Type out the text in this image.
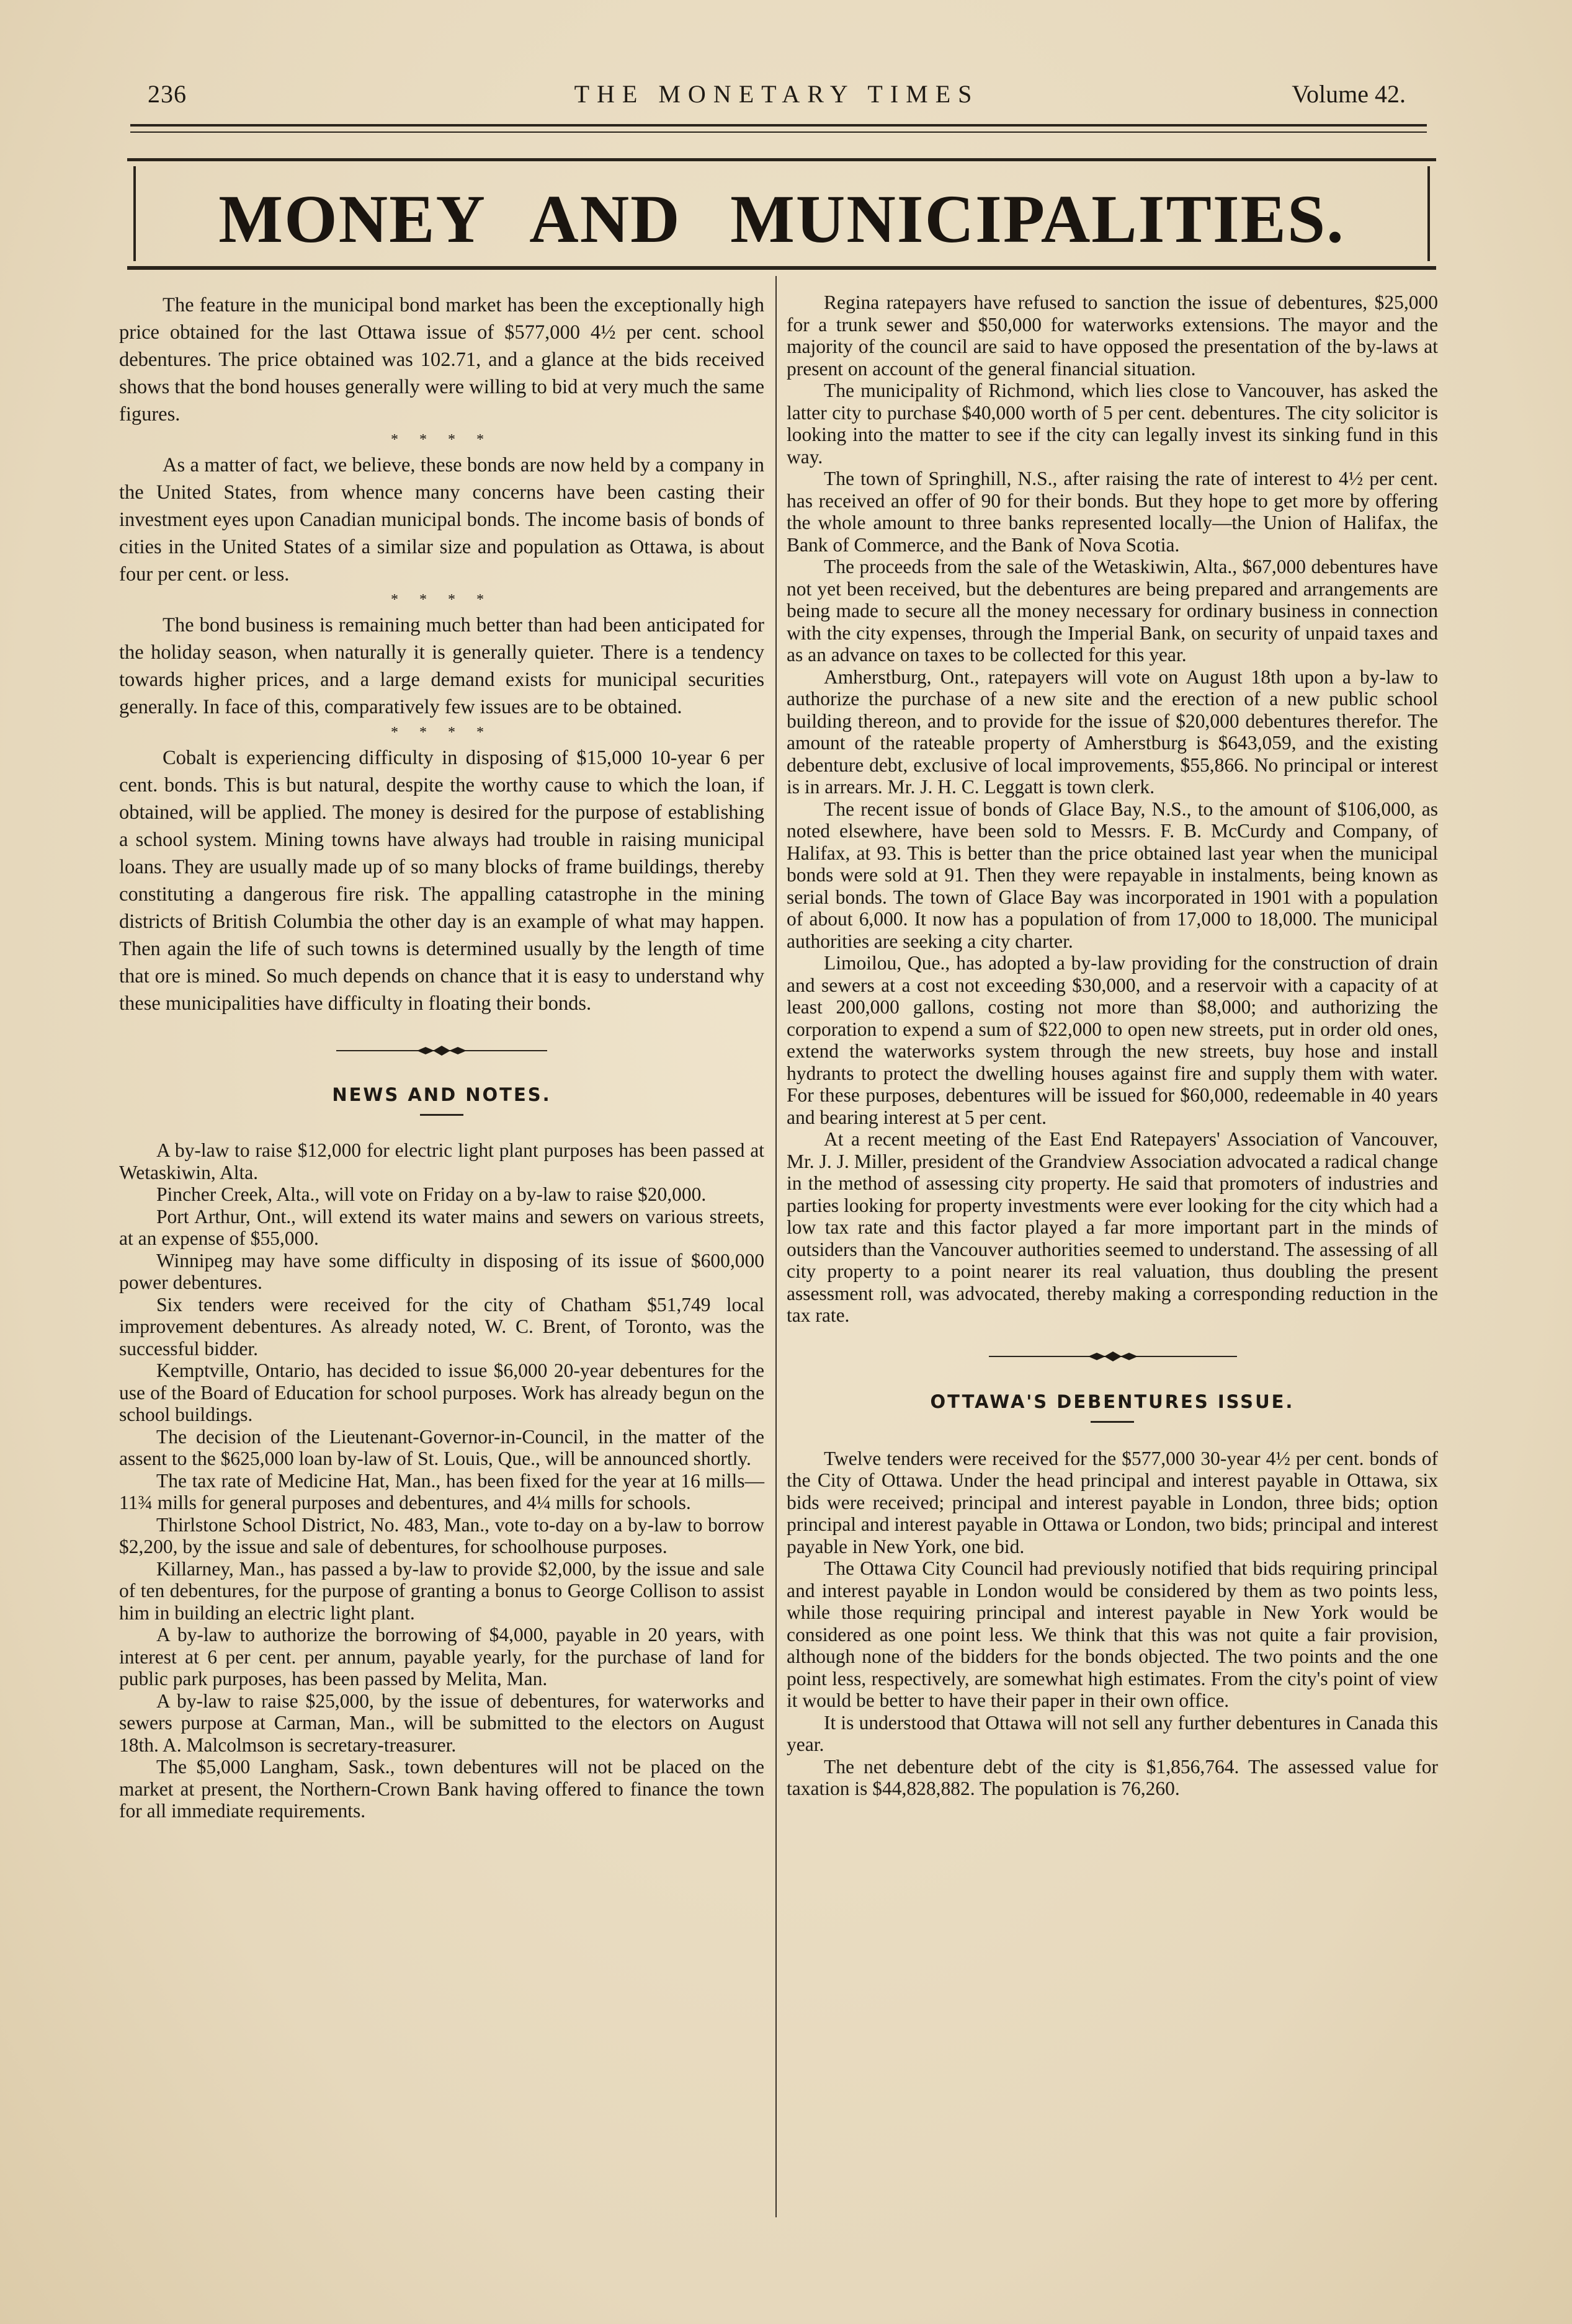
236	THE MONETARY TIMES	Volume 42.
MONEY AND MUNICIPALITIES.

The feature in the municipal bond market has been the exceptionally high price obtained for the last Ottawa issue of $577,000 4½ per cent. school debentures. The price obtained was 102.71, and a glance at the bids received shows that the bond houses generally were willing to bid at very much the same figures.

* * * *

As a matter of fact, we believe, these bonds are now held by a company in the United States, from whence many concerns have been casting their investment eyes upon Canadian municipal bonds. The income basis of bonds of cities in the United States of a similar size and population as Ottawa, is about four per cent. or less.

* * * *

The bond business is remaining much better than had been anticipated for the holiday season, when naturally it is generally quieter. There is a tendency towards higher prices, and a large demand exists for municipal securities generally. In face of this, comparatively few issues are to be obtained.

* * * *

Cobalt is experiencing difficulty in disposing of $15,000 10-year 6 per cent. bonds. This is but natural, despite the worthy cause to which the loan, if obtained, will be applied. The money is desired for the purpose of establishing a school system. Mining towns have always had trouble in raising municipal loans. They are usually made up of so many blocks of frame buildings, thereby constituting a dangerous fire risk. The appalling catastrophe in the mining districts of British Columbia the other day is an example of what may happen. Then again the life of such towns is determined usually by the length of time that ore is mined. So much depends on chance that it is easy to understand why these municipalities have difficulty in floating their bonds.

NEWS AND NOTES.

A by-law to raise $12,000 for electric light plant purposes has been passed at Wetaskiwin, Alta.

Pincher Creek, Alta., will vote on Friday on a by-law to raise $20,000.

Port Arthur, Ont., will extend its water mains and sewers on various streets, at an expense of $55,000.

Winnipeg may have some difficulty in disposing of its issue of $600,000 power debentures.

Six tenders were received for the city of Chatham $51,749 local improvement debentures. As already noted, W. C. Brent, of Toronto, was the successful bidder.

Kemptville, Ontario, has decided to issue $6,000 20-year debentures for the use of the Board of Education for school purposes. Work has already begun on the school buildings.

The decision of the Lieutenant-Governor-in-Council, in the matter of the assent to the $625,000 loan by-law of St. Louis, Que., will be announced shortly.

The tax rate of Medicine Hat, Man., has been fixed for the year at 16 mills—11¾ mills for general purposes and debentures, and 4¼ mills for schools.

Thirlstone School District, No. 483, Man., vote to-day on a by-law to borrow $2,200, by the issue and sale of debentures, for schoolhouse purposes.

Killarney, Man., has passed a by-law to provide $2,000, by the issue and sale of ten debentures, for the purpose of granting a bonus to George Collison to assist him in building an electric light plant.

A by-law to authorize the borrowing of $4,000, payable in 20 years, with interest at 6 per cent. per annum, payable yearly, for the purchase of land for public park purposes, has been passed by Melita, Man.

A by-law to raise $25,000, by the issue of debentures, for waterworks and sewers purpose at Carman, Man., will be submitted to the electors on August 18th. A. Malcolmson is secretary-treasurer.

The $5,000 Langham, Sask., town debentures will not be placed on the market at present, the Northern-Crown Bank having offered to finance the town for all immediate requirements.

Regina ratepayers have refused to sanction the issue of debentures, $25,000 for a trunk sewer and $50,000 for waterworks extensions. The mayor and the majority of the council are said to have opposed the presentation of the by-laws at present on account of the general financial situation.

The municipality of Richmond, which lies close to Vancouver, has asked the latter city to purchase $40,000 worth of 5 per cent. debentures. The city solicitor is looking into the matter to see if the city can legally invest its sinking fund in this way.

The town of Springhill, N.S., after raising the rate of interest to 4½ per cent. has received an offer of 90 for their bonds. But they hope to get more by offering the whole amount to three banks represented locally—the Union of Halifax, the Bank of Commerce, and the Bank of Nova Scotia.

The proceeds from the sale of the Wetaskiwin, Alta., $67,000 debentures have not yet been received, but the debentures are being prepared and arrangements are being made to secure all the money necessary for ordinary business in connection with the city expenses, through the Imperial Bank, on security of unpaid taxes and as an advance on taxes to be collected for this year.

Amherstburg, Ont., ratepayers will vote on August 18th upon a by-law to authorize the purchase of a new site and the erection of a new public school building thereon, and to provide for the issue of $20,000 debentures therefor. The amount of the rateable property of Amherstburg is $643,059, and the existing debenture debt, exclusive of local improvements, $55,866. No principal or interest is in arrears. Mr. J. H. C. Leggatt is town clerk.

The recent issue of bonds of Glace Bay, N.S., to the amount of $106,000, as noted elsewhere, have been sold to Messrs. F. B. McCurdy and Company, of Halifax, at 93. This is better than the price obtained last year when the municipal bonds were sold at 91. Then they were repayable in instalments, being known as serial bonds. The town of Glace Bay was incorporated in 1901 with a population of about 6,000. It now has a population of from 17,000 to 18,000. The municipal authorities are seeking a city charter.

Limoilou, Que., has adopted a by-law providing for the construction of drain and sewers at a cost not exceeding $30,000, and a reservoir with a capacity of at least 200,000 gallons, costing not more than $8,000; and authorizing the corporation to expend a sum of $22,000 to open new streets, put in order old ones, extend the waterworks system through the new streets, buy hose and install hydrants to protect the dwelling houses against fire and supply them with water. For these purposes, debentures will be issued for $60,000, redeemable in 40 years and bearing interest at 5 per cent.

At a recent meeting of the East End Ratepayers' Association of Vancouver, Mr. J. J. Miller, president of the Grandview Association advocated a radical change in the method of assessing city property. He said that promoters of industries and parties looking for property investments were ever looking for the city which had a low tax rate and this factor played a far more important part in the minds of outsiders than the Vancouver authorities seemed to understand. The assessing of all city property to a point nearer its real valuation, thus doubling the present assessment roll, was advocated, thereby making a corresponding reduction in the tax rate.

OTTAWA'S DEBENTURES ISSUE.

Twelve tenders were received for the $577,000 30-year 4½ per cent. bonds of the City of Ottawa. Under the head principal and interest payable in Ottawa, six bids were received; principal and interest payable in London, three bids; option principal and interest payable in Ottawa or London, two bids; principal and interest payable in New York, one bid.

The Ottawa City Council had previously notified that bids requiring principal and interest payable in London would be considered by them as two points less, while those requiring principal and interest payable in New York would be considered as one point less. We think that this was not quite a fair provision, although none of the bidders for the bonds objected. The two points and the one point less, respectively, are somewhat high estimates. From the city's point of view it would be better to have their paper in their own office.

It is understood that Ottawa will not sell any further debentures in Canada this year.

The net debenture debt of the city is $1,856,764. The assessed value for taxation is $44,828,882. The population is 76,260.
